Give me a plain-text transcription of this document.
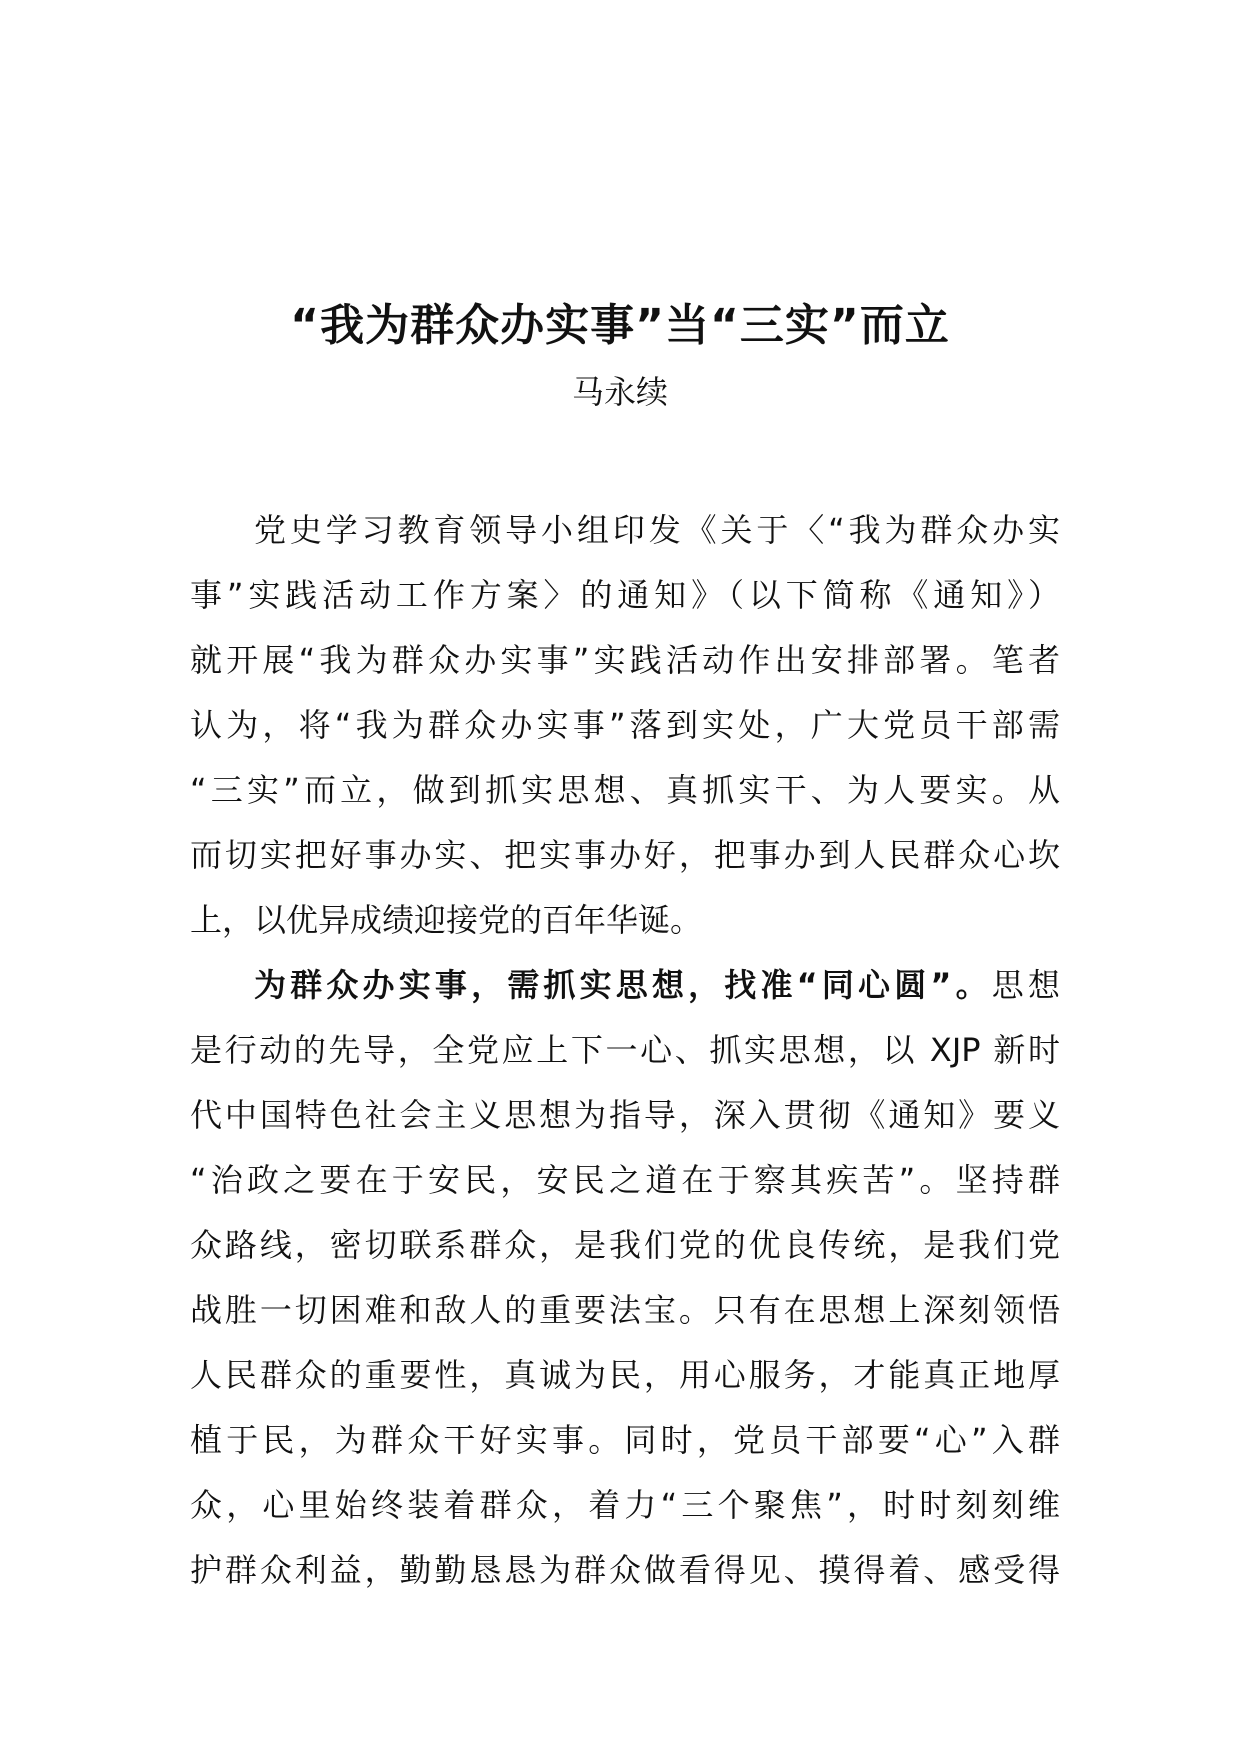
“我为群众办实事”当“三实”而立
马永续
党史学习教育领导小组印发《关于〈“我为群众办实
事”实践活动工作方案〉的通知》（以下简称《通知》）
就开展“我为群众办实事”实践活动作出安排部署。笔者
认为，将“我为群众办实事”落到实处，广大党员干部需
“三实”而立，做到抓实思想、真抓实干、为人要实。从
而切实把好事办实、把实事办好，把事办到人民群众心坎
上，以优异成绩迎接党的百年华诞。
为群众办实事，需抓实思想，找准“同心圆”。思想
是行动的先导，全党应上下一心、抓实思想，以 XJP 新时
代中国特色社会主义思想为指导，深入贯彻《通知》要义
“治政之要在于安民，安民之道在于察其疾苦”。坚持群
众路线，密切联系群众，是我们党的优良传统，是我们党
战胜一切困难和敌人的重要法宝。只有在思想上深刻领悟
人民群众的重要性，真诚为民，用心服务，才能真正地厚
植于民，为群众干好实事。同时，党员干部要“心”入群
众，心里始终装着群众，着力“三个聚焦”，时时刻刻维
护群众利益，勤勤恳恳为群众做看得见、摸得着、感受得
